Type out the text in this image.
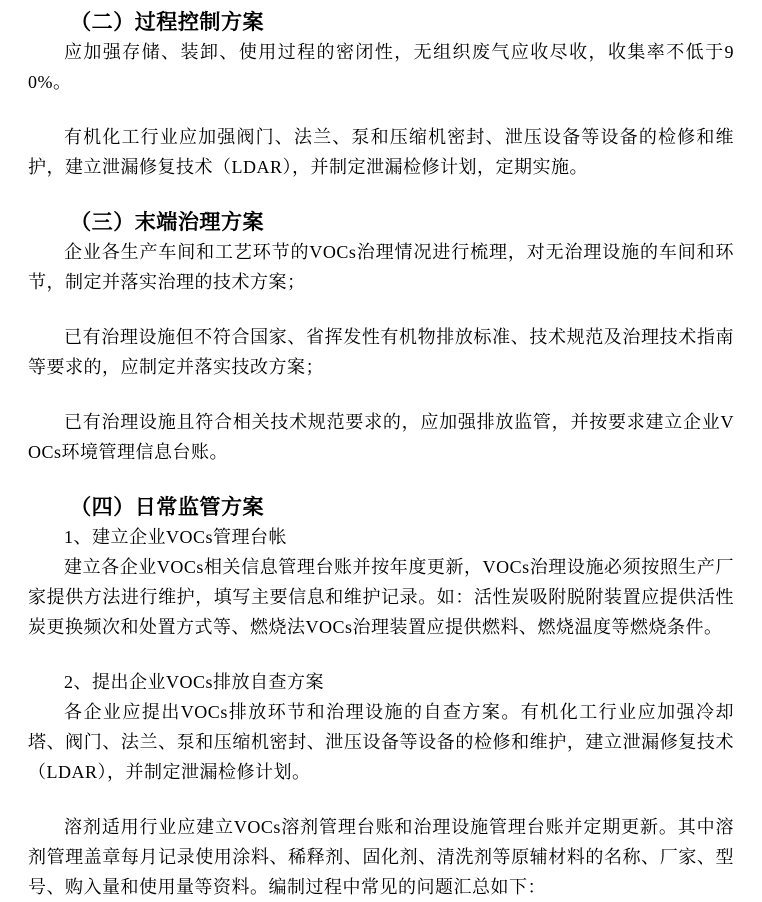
（二）过程控制方案

应加强存储、装卸、使用过程的密闭性，无组织废气应收尽收，收集率不低于90%。

有机化工行业应加强阀门、法兰、泵和压缩机密封、泄压设备等设备的检修和维护，建立泄漏修复技术（LDAR），并制定泄漏检修计划，定期实施。

（三）末端治理方案

企业各生产车间和工艺环节的VOCs治理情况进行梳理，对无治理设施的车间和环节，制定并落实治理的技术方案；

已有治理设施但不符合国家、省挥发性有机物排放标准、技术规范及治理技术指南等要求的，应制定并落实技改方案；

已有治理设施且符合相关技术规范要求的，应加强排放监管，并按要求建立企业VOCs环境管理信息台账。

（四）日常监管方案

1、建立企业VOCs管理台帐

建立各企业VOCs相关信息管理台账并按年度更新，VOCs治理设施必须按照生产厂家提供方法进行维护，填写主要信息和维护记录。如：活性炭吸附脱附装置应提供活性炭更换频次和处置方式等、燃烧法VOCs治理装置应提供燃料、燃烧温度等燃烧条件。

2、提出企业VOCs排放自查方案

各企业应提出VOCs排放环节和治理设施的自查方案。有机化工行业应加强冷却塔、阀门、法兰、泵和压缩机密封、泄压设备等设备的检修和维护，建立泄漏修复技术（LDAR），并制定泄漏检修计划。

溶剂适用行业应建立VOCs溶剂管理台账和治理设施管理台账并定期更新。其中溶剂管理盖章每月记录使用涂料、稀释剂、固化剂、清洗剂等原辅材料的名称、厂家、型号、购入量和使用量等资料。编制过程中常见的问题汇总如下：
